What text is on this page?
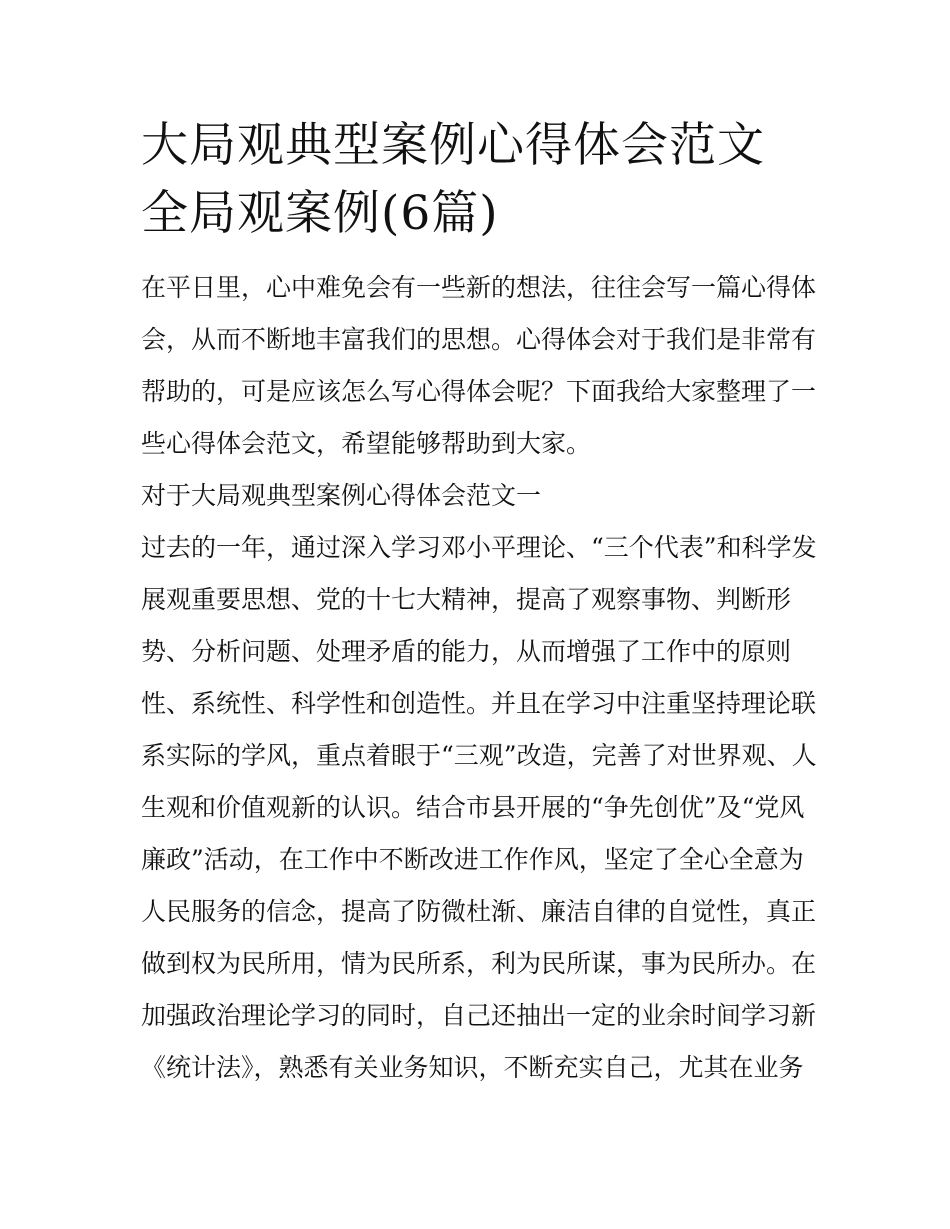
大局观典型案例心得体会范文
全局观案例(6篇)
在平日里，心中难免会有一些新的想法，往往会写一篇心得体
会，从而不断地丰富我们的思想。心得体会对于我们是非常有
帮助的，可是应该怎么写心得体会呢？下面我给大家整理了一
些心得体会范文，希望能够帮助到大家。
对于大局观典型案例心得体会范文一
过去的一年，通过深入学习邓小平理论、“三个代表”和科学发
展观重要思想、党的十七大精神，提高了观察事物、判断形
势、分析问题、处理矛盾的能力，从而增强了工作中的原则
性、系统性、科学性和创造性。并且在学习中注重坚持理论联
系实际的学风，重点着眼于“三观”改造，完善了对世界观、人
生观和价值观新的认识。结合市县开展的“争先创优”及“党风
廉政”活动，在工作中不断改进工作作风，坚定了全心全意为
人民服务的信念，提高了防微杜渐、廉洁自律的自觉性，真正
做到权为民所用，情为民所系，利为民所谋，事为民所办。在
加强政治理论学习的同时，自己还抽出一定的业余时间学习新
《统计法》，熟悉有关业务知识，不断充实自己，尤其在业务
